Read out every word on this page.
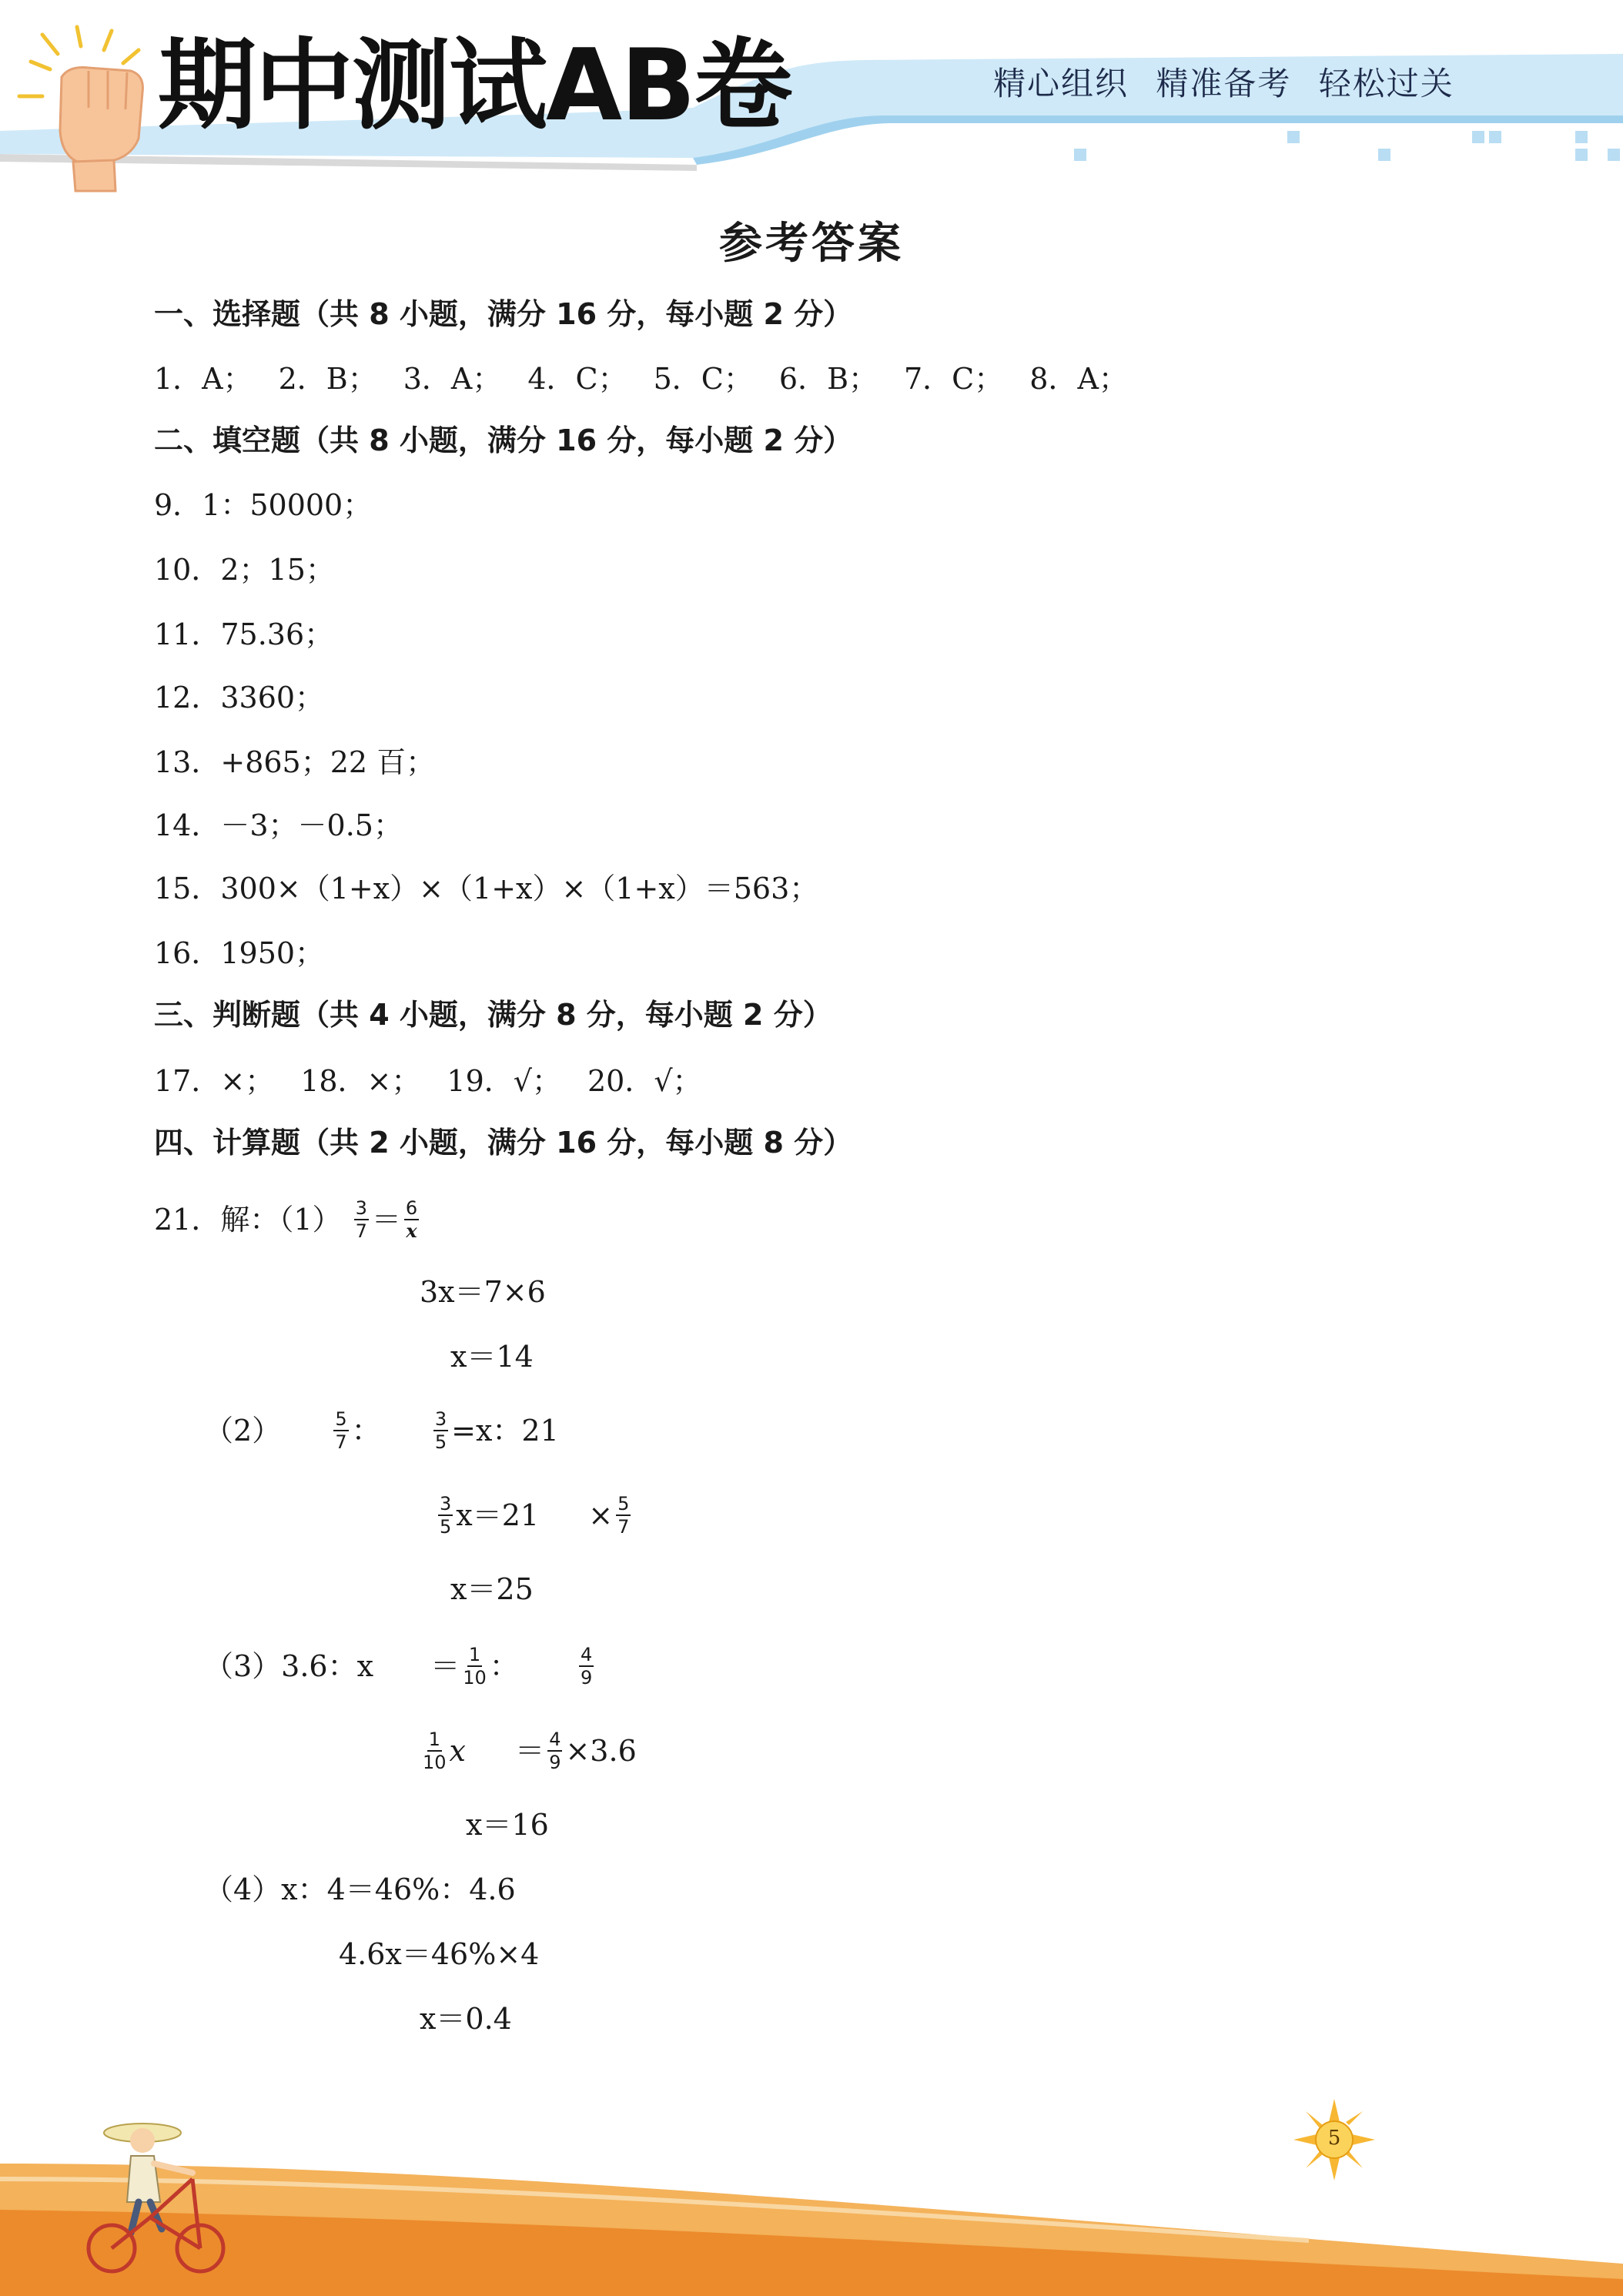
期中测试AB卷	精心组织 精准备考 轻松过关
参考答案
一、选择题（共 8 小题，满分 16 分，每小题 2 分）
1．A； 2．B； 3．A； 4．C； 5．C； 6．B； 7．C； 8．A；
二、填空题（共 8 小题，满分 16 分，每小题 2 分）
9．1：50000；
10．2；15；
11．75.36；
12．3360；
13．+865；22 百；
14．－3；－0.5；
15．300×（1+x）×（1+x）×（1+x）＝563；
16．1950；
三、判断题（共 4 小题，满分 8 分，每小题 2 分）
17．×； 18．×； 19．√； 20．√；
四、计算题（共 2 小题，满分 16 分，每小题 8 分）
21．解：$(1) \frac{3}{7} = \frac{6}{x}$
3x＝7×6
x＝14
（2）	$\frac{5}{7}$ ：	$\frac{3}{5} =x$：21
$\frac{3}{5} x=21 \times \frac{5}{7}$
x＝25
（3）3.6：$x = \frac{1}{10}$ ：	$\frac{4}{9}$
$\frac{1}{10}$ $x = \frac{4}{9} \times 3.6$
x＝16
（4）x：4＝46%：4.6
4.6x＝46%×4
x＝0.4
5
